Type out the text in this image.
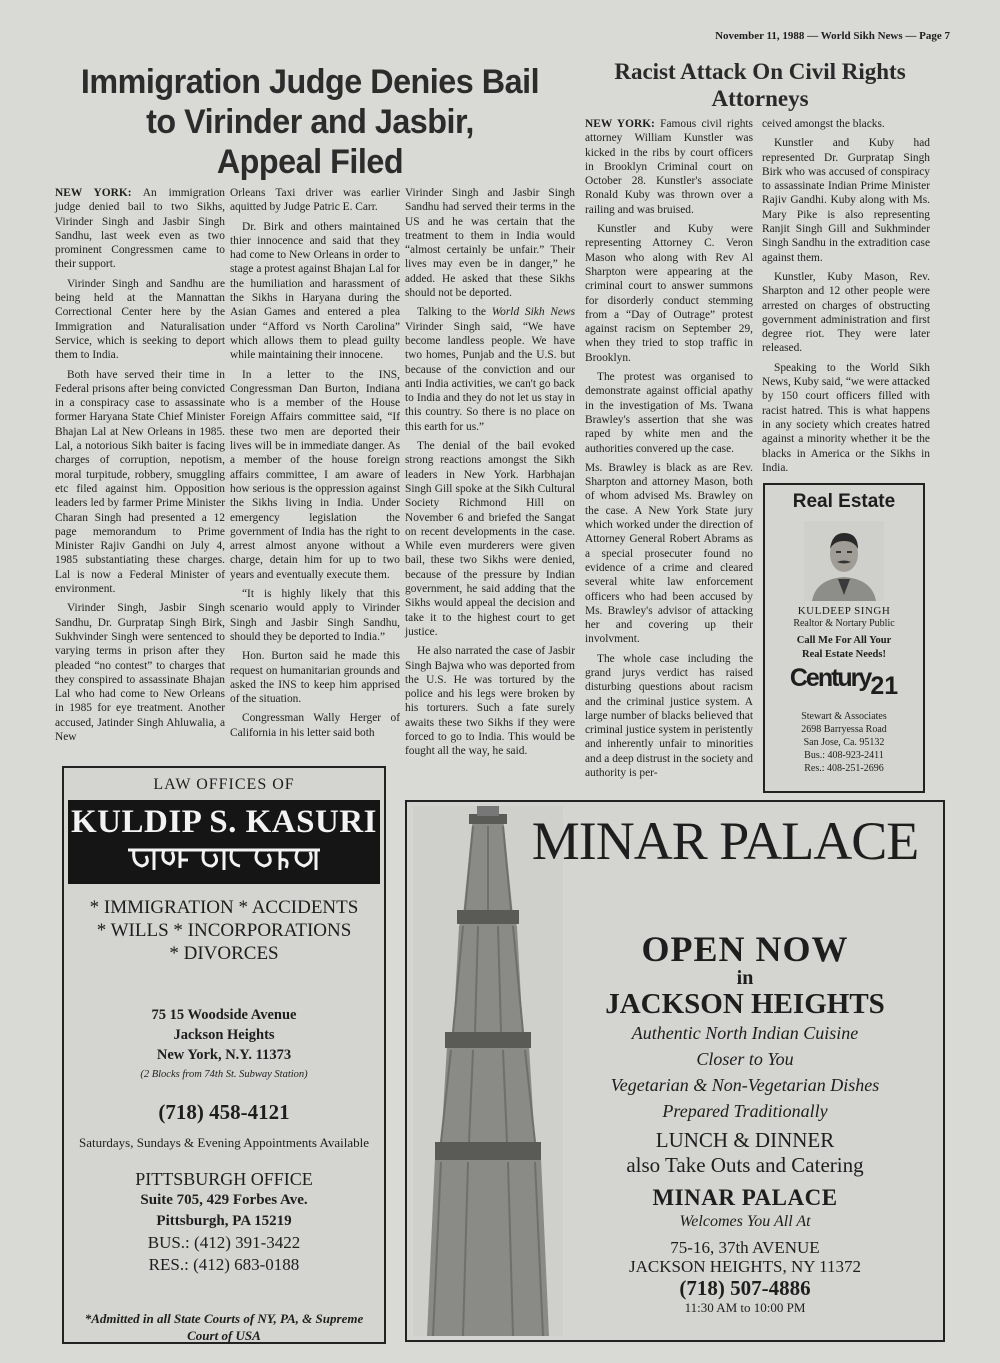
November 11, 1988 — World Sikh News — Page 7
Immigration Judge Denies Bail
to Virinder and Jasbir,
Appeal Filed

NEW YORK: An immigration judge denied bail to two Sikhs, Virinder Singh and Jasbir Singh Sandhu, last week even as two prominent Congressmen came to their support.

Virinder Singh and Sandhu are being held at the Mannattan Correctional Center here by the Immigration and Naturalisation Service, which is seeking to deport them to India.

Both have served their time in Federal prisons after being convicted in a conspiracy case to assassinate former Haryana State Chief Minister Bhajan Lal at New Orleans in 1985. Lal, a notorious Sikh baiter is facing charges of corruption, nepotism, moral turpitude, robbery, smuggling etc filed against him. Opposition leaders led by farmer Prime Minister Charan Singh had presented a 12 page memorandum to Prime Minister Rajiv Gandhi on July 4, 1985 substantiating these charges. Lal is now a Federal Minister of environment.

Virinder Singh, Jasbir Singh Sandhu, Dr. Gurpratap Singh Birk, Sukhvinder Singh were sentenced to varying terms in prison after they pleaded “no contest” to charges that they conspired to assassinate Bhajan Lal who had come to New Orleans in 1985 for eye treatment. Another accused, Jatinder Singh Ahluwalia, a New

Orleans Taxi driver was earlier aquitted by Judge Patric E. Carr.

Dr. Birk and others maintained thier innocence and said that they had come to New Orleans in order to stage a protest against Bhajan Lal for the humiliation and harassment of the Sikhs in Haryana during the Asian Games and entered a plea under “Afford vs North Carolina” which allows them to plead guilty while maintaining their innocene.

In a letter to the INS, Congressman Dan Burton, Indiana who is a member of the House Foreign Affairs committee said, “If these two men are deported their lives will be in immediate danger. As a member of the house foreign affairs committee, I am aware of how serious is the oppression against the Sikhs living in India. Under emergency legislation the government of India has the right to arrest almost anyone without a charge, detain him for up to two years and eventually execute them.

“It is highly likely that this scenario would apply to Virinder Singh and Jasbir Singh Sandhu, should they be deported to India.”

Hon. Burton said he made this request on humanitarian grounds and asked the INS to keep him apprised of the situation.

Congressman Wally Herger of California in his letter said both

Virinder Singh and Jasbir Singh Sandhu had served their terms in the US and he was certain that the treatment to them in India would “almost certainly be unfair.” Their lives may even be in danger,” he added. He asked that these Sikhs should not be deported.

Talking to the World Sikh News Virinder Singh said, “We have become landless people. We have two homes, Punjab and the U.S. but because of the conviction and our anti India activities, we can't go back to India and they do not let us stay in this country. So there is no place on this earth for us.”

The denial of the bail evoked strong reactions amongst the Sikh leaders in New York. Harbhajan Singh Gill spoke at the Sikh Cultural Society Richmond Hill on November 6 and briefed the Sangat on recent developments in the case. While even murderers were given bail, these two Sikhs were denied, because of the pressure by Indian government, he said adding that the Sikhs would appeal the decision and take it to the highest court to get justice.

He also narrated the case of Jasbir Singh Bajwa who was deported from the U.S. He was tortured by the police and his legs were broken by his torturers. Such a fate surely awaits these two Sikhs if they were forced to go to India. This would be fought all the way, he said.

Racist Attack On Civil Rights
Attorneys

NEW YORK: Famous civil rights attorney William Kunstler was kicked in the ribs by court officers in Brooklyn Criminal court on October 28. Kunstler's associate Ronald Kuby was thrown over a railing and was bruised.

Kunstler and Kuby were representing Attorney C. Veron Mason who along with Rev Al Sharpton were appearing at the criminal court to answer summons for disorderly conduct stemming from a “Day of Outrage” protest against racism on September 29, when they tried to stop traffic in Brooklyn.

The protest was organised to demonstrate against official apathy in the investigation of Ms. Twana Brawley's assertion that she was raped by white men and the authorities convered up the case.

Ms. Brawley is black as are Rev. Sharpton and attorney Mason, both of whom advised Ms. Brawley on the case. A New York State jury which worked under the direction of Attorney General Robert Abrams as a special prosecuter found no evidence of a crime and cleared several white law enforcement officers who had been accused by Ms. Brawley's advisor of attacking her and covering up their involvment.

The whole case including the grand jurys verdict has raised disturbing questions about racism and the criminal justice system. A large number of blacks believed that criminal justice system in peristently and inherently unfair to minorities and a deep distrust in the society and authority is per-

ceived amongst the blacks.

Kunstler and Kuby had represented Dr. Gurpratap Singh Birk who was accused of conspiracy to assassinate Indian Prime Minister Rajiv Gandhi. Kuby along with Ms. Mary Pike is also representing Ranjit Singh Gill and Sukhminder Singh Sandhu in the extradition case against them.

Kunstler, Kuby Mason, Rev. Sharpton and 12 other people were arrested on charges of obstructing government administration and first degree riot. They were later released.

Speaking to the World Sikh News, Kuby said, “we were attacked by 150 court officers filled with racist hatred. This is what happens in any society which creates hatred against a minority whether it be the blacks in America or the Sikhs in India.

Real Estate
KULDEEP SINGH
Realtor & Nortary Public
Call Me For All Your
Real Estate Needs!
Century21
Stewart & Associates
2698 Barryessa Road
San Jose, Ca. 95132
Bus.: 408-923-2411
Res.: 408-251-2696
LAW OFFICES OF
KULDIP S. KASURI
* IMMIGRATION * ACCIDENTS
* WILLS * INCORPORATIONS
* DIVORCES
75 15 Woodside Avenue
Jackson Heights
New York, N.Y. 11373
(2 Blocks from 74th St. Subway Station)
(718) 458-4121
Saturdays, Sundays & Evening Appointments Available
PITTSBURGH OFFICE
Suite 705, 429 Forbes Ave.
Pittsburgh, PA 15219
BUS.: (412) 391-3422
RES.: (412) 683-0188
*Admitted in all State Courts of NY, PA, & Supreme
Court of USA
MINAR PALACE
OPEN NOW
in
JACKSON HEIGHTS
Authentic North Indian Cuisine
Closer to You
Vegetarian & Non-Vegetarian Dishes
Prepared Traditionally
LUNCH & DINNER
also Take Outs and Catering
MINAR PALACE
Welcomes You All At
75-16, 37th AVENUE
JACKSON HEIGHTS, NY 11372
(718) 507-4886
11:30 AM to 10:00 PM
